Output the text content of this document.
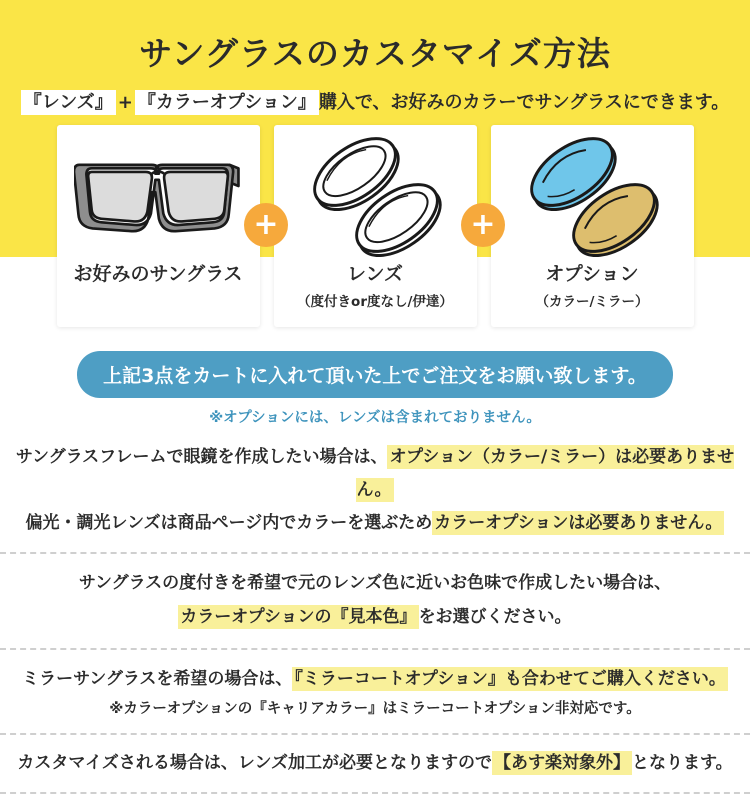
サングラスのカスタマイズ方法
『レンズ』 + 『カラーオプション』 購入で、お好みのカラーでサングラスにできます。
お好みのサングラス	レンズ
（度付きor度なし/伊達）
オプション
（カラー/ミラー）
+	+
上記3点をカートに入れて頂いた上でご注文をお願い致します。
※オプションには、レンズは含まれておりません。
サングラスフレームで眼鏡を作成したい場合は、 オプション（カラー/ミラー）は必要ありません。
偏光・調光レンズは商品ページ内でカラーを選ぶため カラーオプションは必要ありません。
サングラスの度付きを希望で元のレンズ色に近いお色味で作成したい場合は、
カラーオプションの『見本色』 をお選びください。
ミラーサングラスを希望の場合は、 『ミラーコートオプション』も合わせてご購入ください。
※カラーオプションの『キャリアカラー』はミラーコートオプション非対応です。
カスタマイズされる場合は、レンズ加工が必要となりますので 【あす楽対象外】 となります。
